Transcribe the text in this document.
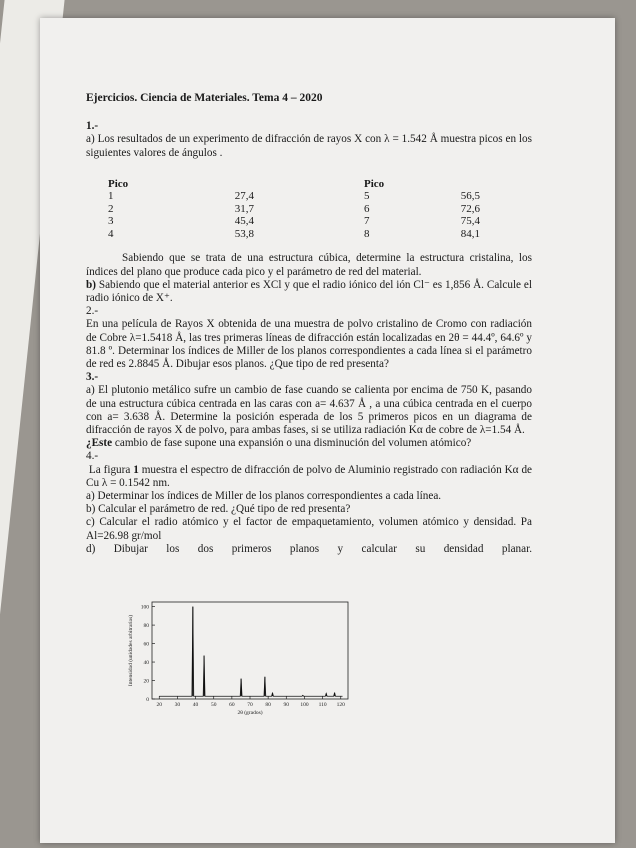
Ejercicios. Ciencia de Materiales. Tema 4 – 2020

1.-

a) Los resultados de un experimento de difracción de rayos X con λ = 1.542 Å muestra picos en los siguientes valores de ángulos .

Pico			Pico	
1	27,4		5	56,5
2	31,7		6	72,6
3	45,4		7	75,4
4	53,8		8	84,1

Sabiendo que se trata de una estructura cúbica, determine la estructura cristalina, los índices del plano que produce cada pico y el parámetro de red del material.

b) Sabiendo que el material anterior es XCl y que el radio iónico del ión Cl⁻ es 1,856 Å. Calcule el radio iónico de X⁺.

2.-

En una película de Rayos X obtenida de una muestra de polvo cristalino de Cromo con radiación de Cobre λ=1.5418 Å, las tres primeras líneas de difracción están localizadas en 2θ = 44.4º, 64.6º y 81.8 º. Determinar los índices de Miller de los planos correspondientes a cada línea si el parámetro de red es 2.8845 Å. Dibujar esos planos. ¿Que tipo de red presenta?

3.-

a) El plutonio metálico sufre un cambio de fase cuando se calienta por encima de 750 K, pasando de una estructura cúbica centrada en las caras con a= 4.637 Å , a una cúbica centrada en el cuerpo con a= 3.638 Å. Determine la posición esperada de los 5 primeros picos en un diagrama de difracción de rayos X de polvo, para ambas fases, si se utiliza radiación Kα de cobre de λ=1.54 Å.

¿Este cambio de fase supone una expansión o una disminución del volumen atómico?

4.-

La figura 1 muestra el espectro de difracción de polvo de Aluminio registrado con radiación Kα de Cu λ = 0.1542 nm.

a) Determinar los índices de Miller de los planos correspondientes a cada línea.

b) Calcular el parámetro de red. ¿Qué tipo de red presenta?

c) Calcular el radio atómico y el factor de empaquetamiento, volumen atómico y densidad. Pa Al=26.98 gr/mol

d) Dibujar los dos primeros planos y calcular su densidad planar.

0
20
40
60
80
100
20 30 40 50 60 70 80 90 100 110 120
2θ (grados)
Intensidad (unidades arbitrarias)
